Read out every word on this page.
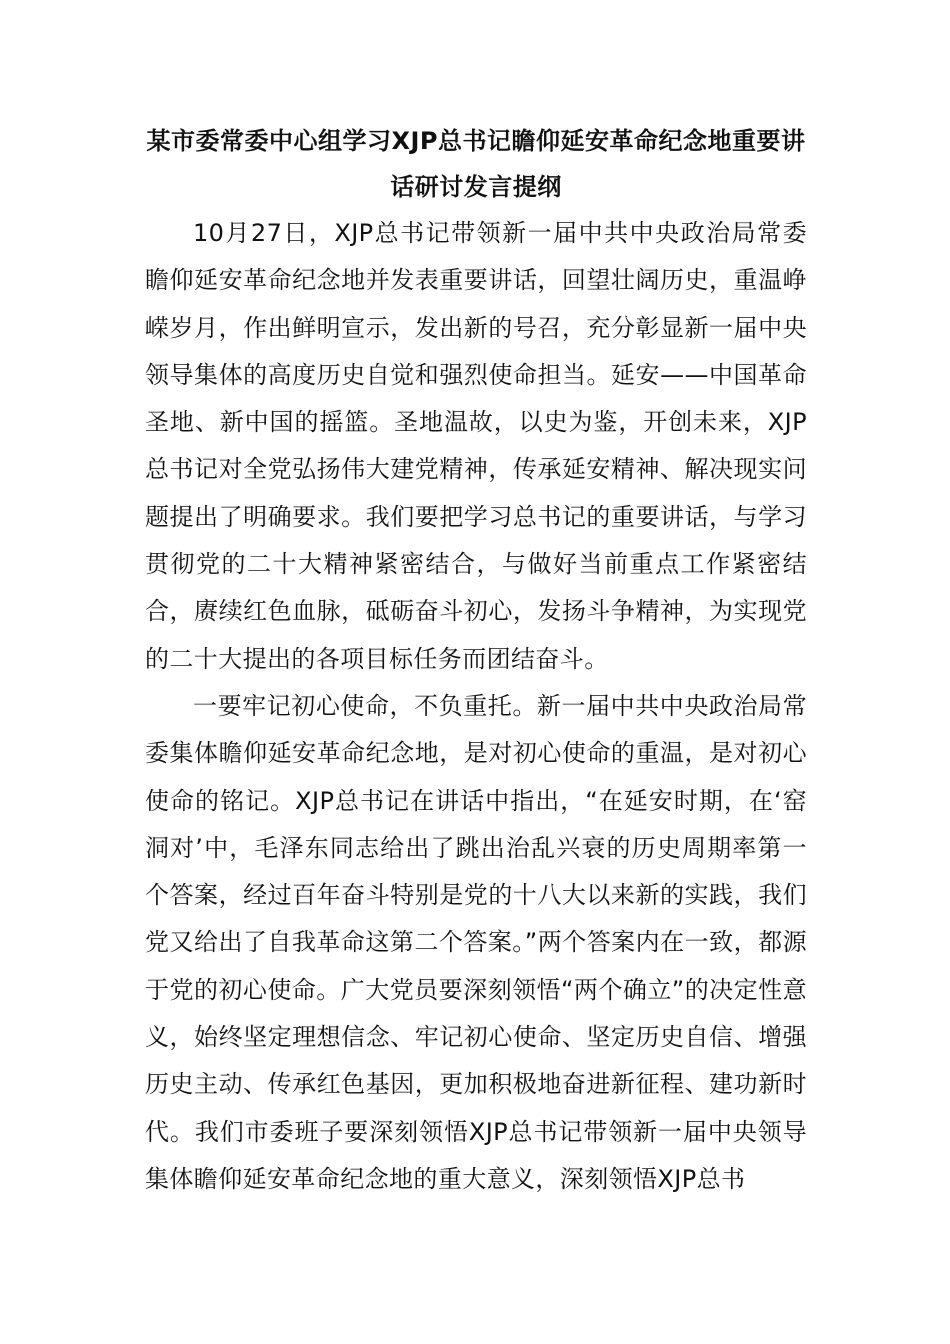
某市委常委中心组学习XJP总书记瞻仰延安革命纪念地重要讲话研讨发言提纲

10月27日，XJP总书记带领新一届中共中央政治局常委瞻仰延安革命纪念地并发表重要讲话，回望壮阔历史，重温峥嵘岁月，作出鲜明宣示，发出新的号召，充分彰显新一届中央领导集体的高度历史自觉和强烈使命担当。延安——中国革命圣地、新中国的摇篮。圣地温故，以史为鉴，开创未来，XJP总书记对全党弘扬伟大建党精神，传承延安精神、解决现实问题提出了明确要求。我们要把学习总书记的重要讲话，与学习贯彻党的二十大精神紧密结合，与做好当前重点工作紧密结合，赓续红色血脉，砥砺奋斗初心，发扬斗争精神，为实现党的二十大提出的各项目标任务而团结奋斗。

一要牢记初心使命，不负重托。新一届中共中央政治局常委集体瞻仰延安革命纪念地，是对初心使命的重温，是对初心使命的铭记。XJP总书记在讲话中指出，“在延安时期，在‘窑洞对’中，毛泽东同志给出了跳出治乱兴衰的历史周期率第一个答案，经过百年奋斗特别是党的十八大以来新的实践，我们党又给出了自我革命这第二个答案。”两个答案内在一致，都源于党的初心使命。广大党员要深刻领悟“两个确立”的决定性意义，始终坚定理想信念、牢记初心使命、坚定历史自信、增强历史主动、传承红色基因，更加积极地奋进新征程、建功新时代。我们市委班子要深刻领悟XJP总书记带领新一届中央领导集体瞻仰延安革命纪念地的重大意义，深刻领悟XJP总书
